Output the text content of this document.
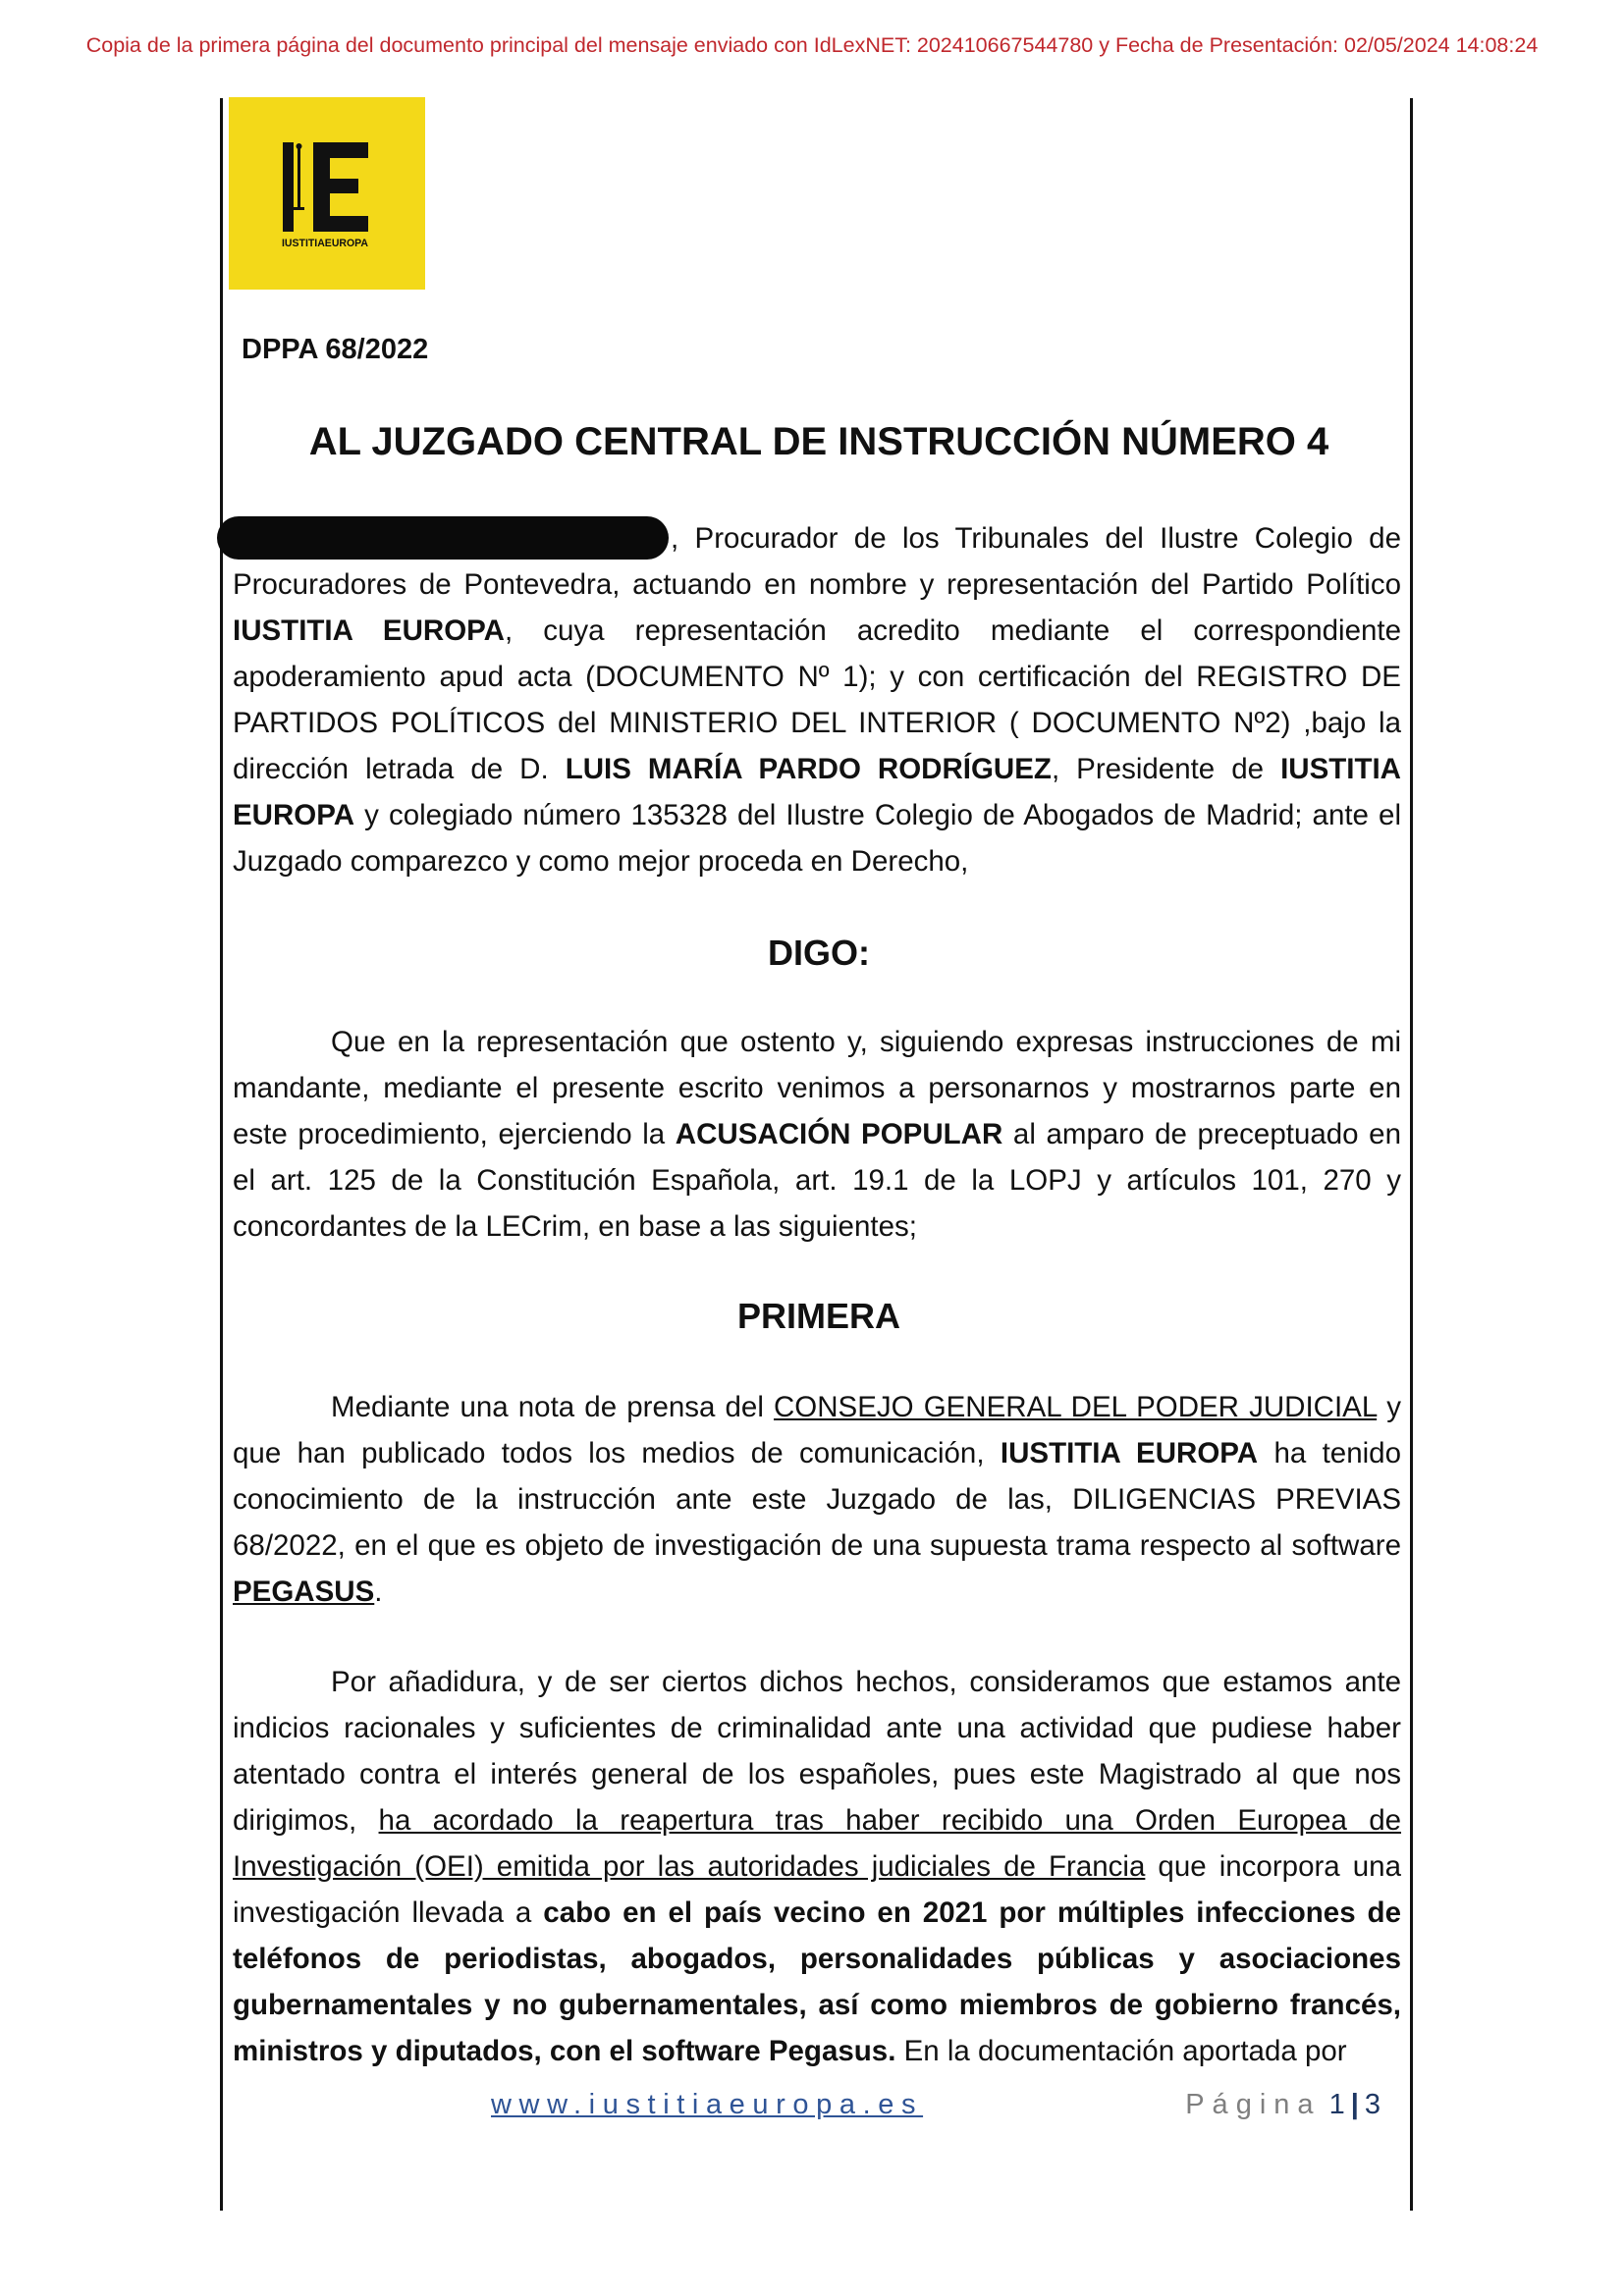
Copia de la primera página del documento principal del mensaje enviado con IdLexNET: 202410667544780 y Fecha de Presentación: 02/05/2024 14:08:24
IUSTITIAEUROPA
DPPA 68/2022
AL JUZGADO CENTRAL DE INSTRUCCIÓN NÚMERO 4

, Procurador de los Tribunales del Ilustre Colegio de Procuradores de Pontevedra, actuando en nombre y representación del Partido Político IUSTITIA EUROPA, cuya representación acredito mediante el correspondiente apoderamiento apud acta (DOCUMENTO Nº 1); y con certificación del REGISTRO DE PARTIDOS POLÍTICOS del MINISTERIO DEL INTERIOR ( DOCUMENTO Nº2) ,bajo la dirección letrada de D. LUIS MARÍA PARDO RODRÍGUEZ, Presidente de IUSTITIA EUROPA y colegiado número 135328 del Ilustre Colegio de Abogados de Madrid; ante el Juzgado comparezco y como mejor proceda en Derecho,

DIGO:

Que en la representación que ostento y, siguiendo expresas instrucciones de mi mandante, mediante el presente escrito venimos a personarnos y mostrarnos parte en este procedimiento, ejerciendo la ACUSACIÓN POPULAR al amparo de preceptuado en el art. 125 de la Constitución Española, art. 19.1 de la LOPJ y artículos 101, 270 y concordantes de la LECrim, en base a las siguientes;

PRIMERA

Mediante una nota de prensa del CONSEJO GENERAL DEL PODER JUDICIAL y que han publicado todos los medios de comunicación, IUSTITIA EUROPA ha tenido conocimiento de la instrucción ante este Juzgado de las, DILIGENCIAS PREVIAS 68/2022, en el que es objeto de investigación de una supuesta trama respecto al software PEGASUS.

Por añadidura, y de ser ciertos dichos hechos, consideramos que estamos ante indicios racionales y suficientes de criminalidad ante una actividad que pudiese haber atentado contra el interés general de los españoles, pues este Magistrado al que nos dirigimos, ha acordado la reapertura tras haber recibido una Orden Europea de Investigación (OEI) emitida por las autoridades judiciales de Francia que incorpora una investigación llevada a cabo en el país vecino en 2021 por múltiples infecciones de teléfonos de periodistas, abogados, personalidades públicas y asociaciones gubernamentales y no gubernamentales, así como miembros de gobierno francés, ministros y diputados, con el software Pegasus. En la documentación aportada por

www.iustitiaeuropa.es	Página 1 | 3
